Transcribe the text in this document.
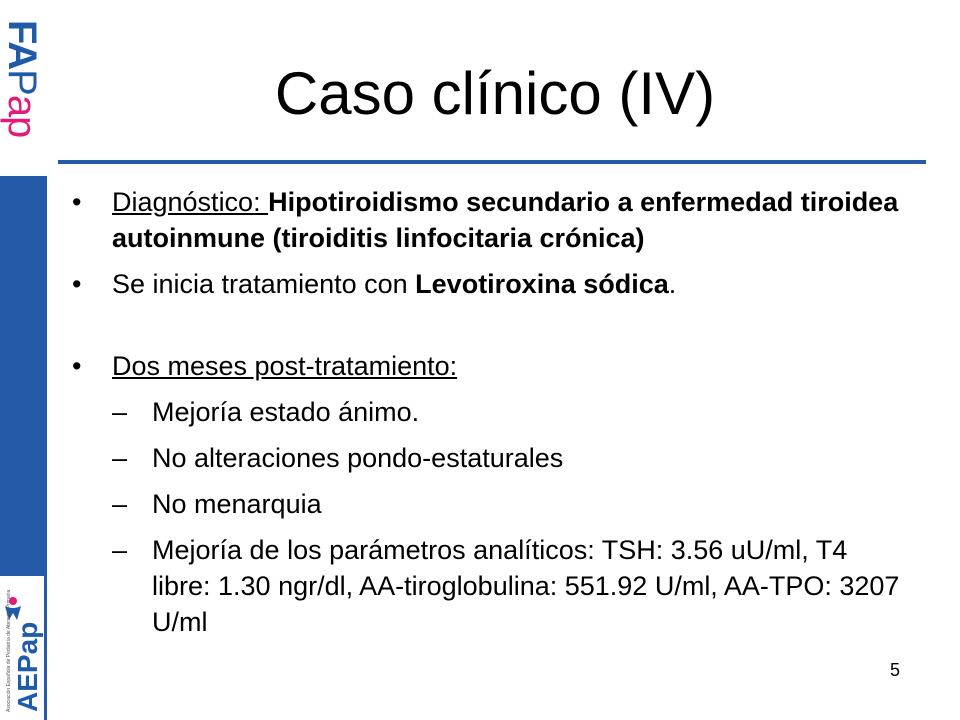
FAPap
Asociación Española de Pediatría de Atención Primaria AEPap
Caso clínico (IV)
• Diagnóstico: Hipotiroidismo secundario a enfermedad tiroidea autoinmune (tiroiditis linfocitaria crónica)
• Se inicia tratamiento con Levotiroxina sódica.
• Dos meses post-tratamiento:
– Mejoría estado ánimo.
– No alteraciones pondo-estaturales
– No menarquia
– Mejoría de los parámetros analíticos: TSH: 3.56 uU/ml, T4 libre: 1.30 ngr/dl, AA-tiroglobulina: 551.92 U/ml, AA-TPO: 3207 U/ml
5
